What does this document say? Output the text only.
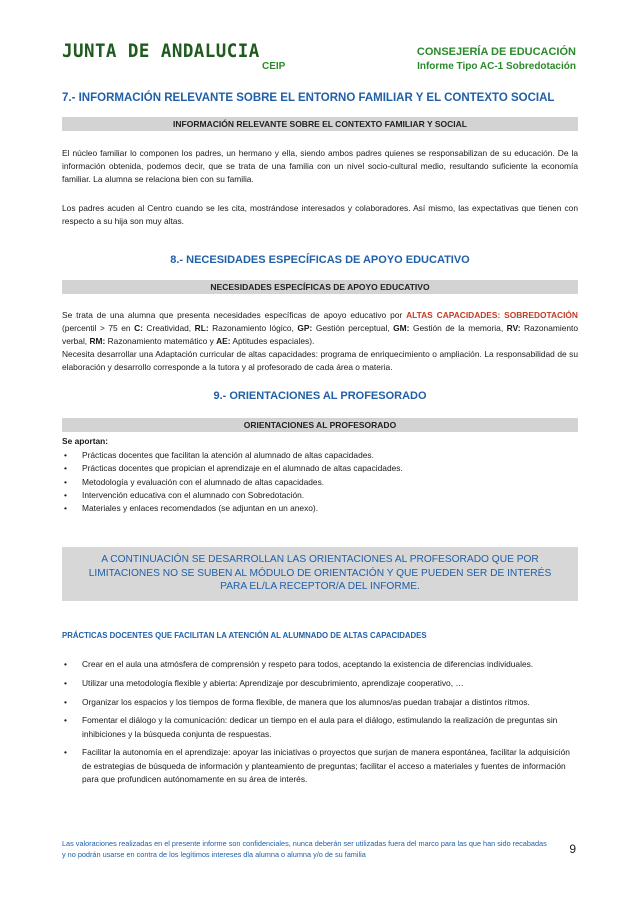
JUNTA DE ANDALUCIA
CEIP
CONSEJERÍA DE EDUCACIÓN
Informe Tipo AC-1 Sobredotación
7.- INFORMACIÓN RELEVANTE SOBRE EL ENTORNO FAMILIAR Y EL CONTEXTO SOCIAL
INFORMACIÓN RELEVANTE SOBRE EL CONTEXTO FAMILIAR Y SOCIAL
El núcleo familiar lo componen los padres, un hermano y ella, siendo ambos padres quienes se responsabilizan de su educación. De la información obtenida, podemos decir, que se trata de una familia con un nivel socio-cultural medio, resultando suficiente la economía familiar. La alumna se relaciona bien con su familia.
Los padres acuden al Centro cuando se les cita, mostrándose interesados y colaboradores. Así mismo, las expectativas que tienen con respecto a su hija son muy altas.
8.- NECESIDADES ESPECÍFICAS DE APOYO EDUCATIVO
NECESIDADES ESPECÍFICAS DE APOYO EDUCATIVO
Se trata de una alumna que presenta necesidades específicas de apoyo educativo por ALTAS CAPACIDADES: SOBREDOTACIÓN (percentil > 75 en C: Creatividad, RL: Razonamiento lógico, GP: Gestión perceptual, GM: Gestión de la memoria, RV: Razonamiento verbal, RM: Razonamiento matemático y AE: Aptitudes espaciales).
Necesita desarrollar una Adaptación curricular de altas capacidades: programa de enriquecimiento o ampliación. La responsabilidad de su elaboración y desarrollo corresponde a la tutora y al profesorado de cada área o materia.
9.- ORIENTACIONES AL PROFESORADO
ORIENTACIONES AL PROFESORADO
Se aportan:
• Prácticas docentes que facilitan la atención al alumnado de altas capacidades.
• Prácticas docentes que propician el aprendizaje en el alumnado de altas capacidades.
• Metodología y evaluación con el alumnado de altas capacidades.
• Intervención educativa con el alumnado con Sobredotación.
• Materiales y enlaces recomendados (se adjuntan en un anexo).
A CONTINUACIÓN SE DESARROLLAN LAS ORIENTACIONES AL PROFESORADO QUE POR
LIMITACIONES NO SE SUBEN AL MÓDULO DE ORIENTACIÓN Y QUE PUEDEN SER DE INTERÉS
PARA EL/LA RECEPTOR/A DEL INFORME.
PRÁCTICAS DOCENTES QUE FACILITAN LA ATENCIÓN AL ALUMNADO DE ALTAS CAPACIDADES
• Crear en el aula una atmósfera de comprensión y respeto para todos, aceptando la existencia de diferencias individuales.
• Utilizar una metodología flexible y abierta: Aprendizaje por descubrimiento, aprendizaje cooperativo, …
• Organizar los espacios y los tiempos de forma flexible, de manera que los alumnos/as puedan trabajar a distintos ritmos.
• Fomentar el diálogo y la comunicación: dedicar un tiempo en el aula para el diálogo, estimulando la realización de preguntas sin inhibiciones y la búsqueda conjunta de respuestas.
• Facilitar la autonomía en el aprendizaje: apoyar las iniciativas o proyectos que surjan de manera espontánea, facilitar la adquisición de estrategias de búsqueda de información y planteamiento de preguntas; facilitar el acceso a materiales y fuentes de información para que profundicen autónomamente en su área de interés.
Las valoraciones realizadas en el presente informe son confidenciales, nunca deberán ser utilizadas fuera del marco para las que han sido recabadas y no podrán usarse en contra de los legítimos intereses dla alumna o alumna y/o de su familia	9
